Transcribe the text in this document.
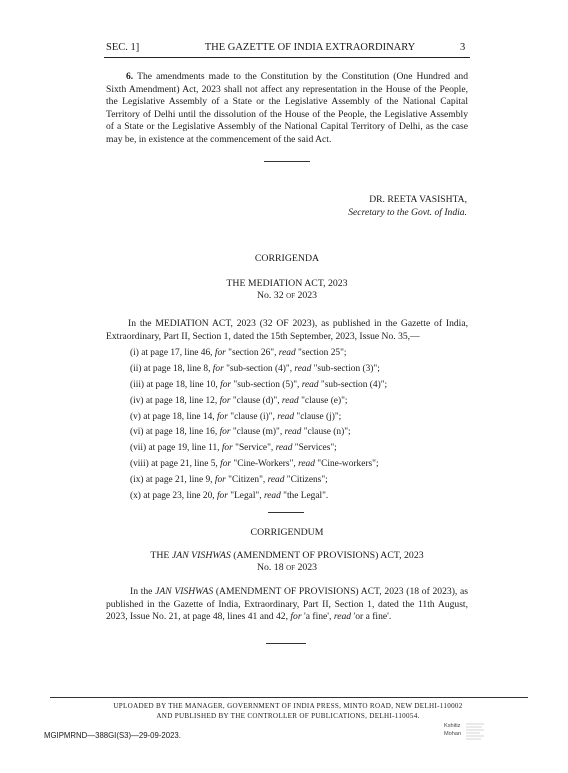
SEC. 1]	THE GAZETTE OF INDIA EXTRAORDINARY	3
6. The amendments made to the Constitution by the Constitution (One Hundred and Sixth Amendment) Act, 2023 shall not affect any representation in the House of the People, the Legislative Assembly of a State or the Legislative Assembly of the National Capital Territory of Delhi until the dissolution of the House of the People, the Legislative Assembly of a State or the Legislative Assembly of the National Capital Territory of Delhi, as the case may be, in existence at the commencement of the said Act.
DR. REETA VASISHTA,
Secretary to the Govt. of India.
CORRIGENDA
THE MEDIATION ACT, 2023
No. 32 of 2023
In the MEDIATION ACT, 2023 (32 OF 2023), as published in the Gazette of India, Extraordinary, Part II, Section 1, dated the 15th September, 2023, Issue No. 35,—
(i) at page 17, line 46, for "section 26", read "section 25";
(ii) at page 18, line 8, for "sub-section (4)", read "sub-section (3)";
(iii) at page 18, line 10, for "sub-section (5)", read "sub-section (4)";
(iv) at page 18, line 12, for "clause (d)", read "clause (e)";
(v) at page 18, line 14, for "clause (i)", read "clause (j)";
(vi) at page 18, line 16, for "clause (m)", read "clause (n)";
(vii) at page 19, line 11, for "Service", read "Services";
(viii) at page 21, line 5, for "Cine-Workers", read "Cine-workers";
(ix) at page 21, line 9, for "Citizen", read "Citizens";
(x) at page 23, line 20, for "Legal", read "the Legal".
CORRIGENDUM
THE JAN VISHWAS (AMENDMENT OF PROVISIONS) ACT, 2023
No. 18 of 2023
In the JAN VISHWAS (AMENDMENT OF PROVISIONS) ACT, 2023 (18 of 2023), as published in the Gazette of India, Extraordinary, Part II, Section 1, dated the 11th August, 2023, Issue No. 21, at page 48, lines 41 and 42, for 'a fine', read 'or a fine'.
UPLOADED BY THE MANAGER, GOVERNMENT OF INDIA PRESS, MINTO ROAD, NEW DELHI-110002
AND PUBLISHED BY THE CONTROLLER OF PUBLICATIONS, DELHI-110054.
MGIPMRND—388GI(S3)—29-09-2023.
Kshitiz
Mohan
